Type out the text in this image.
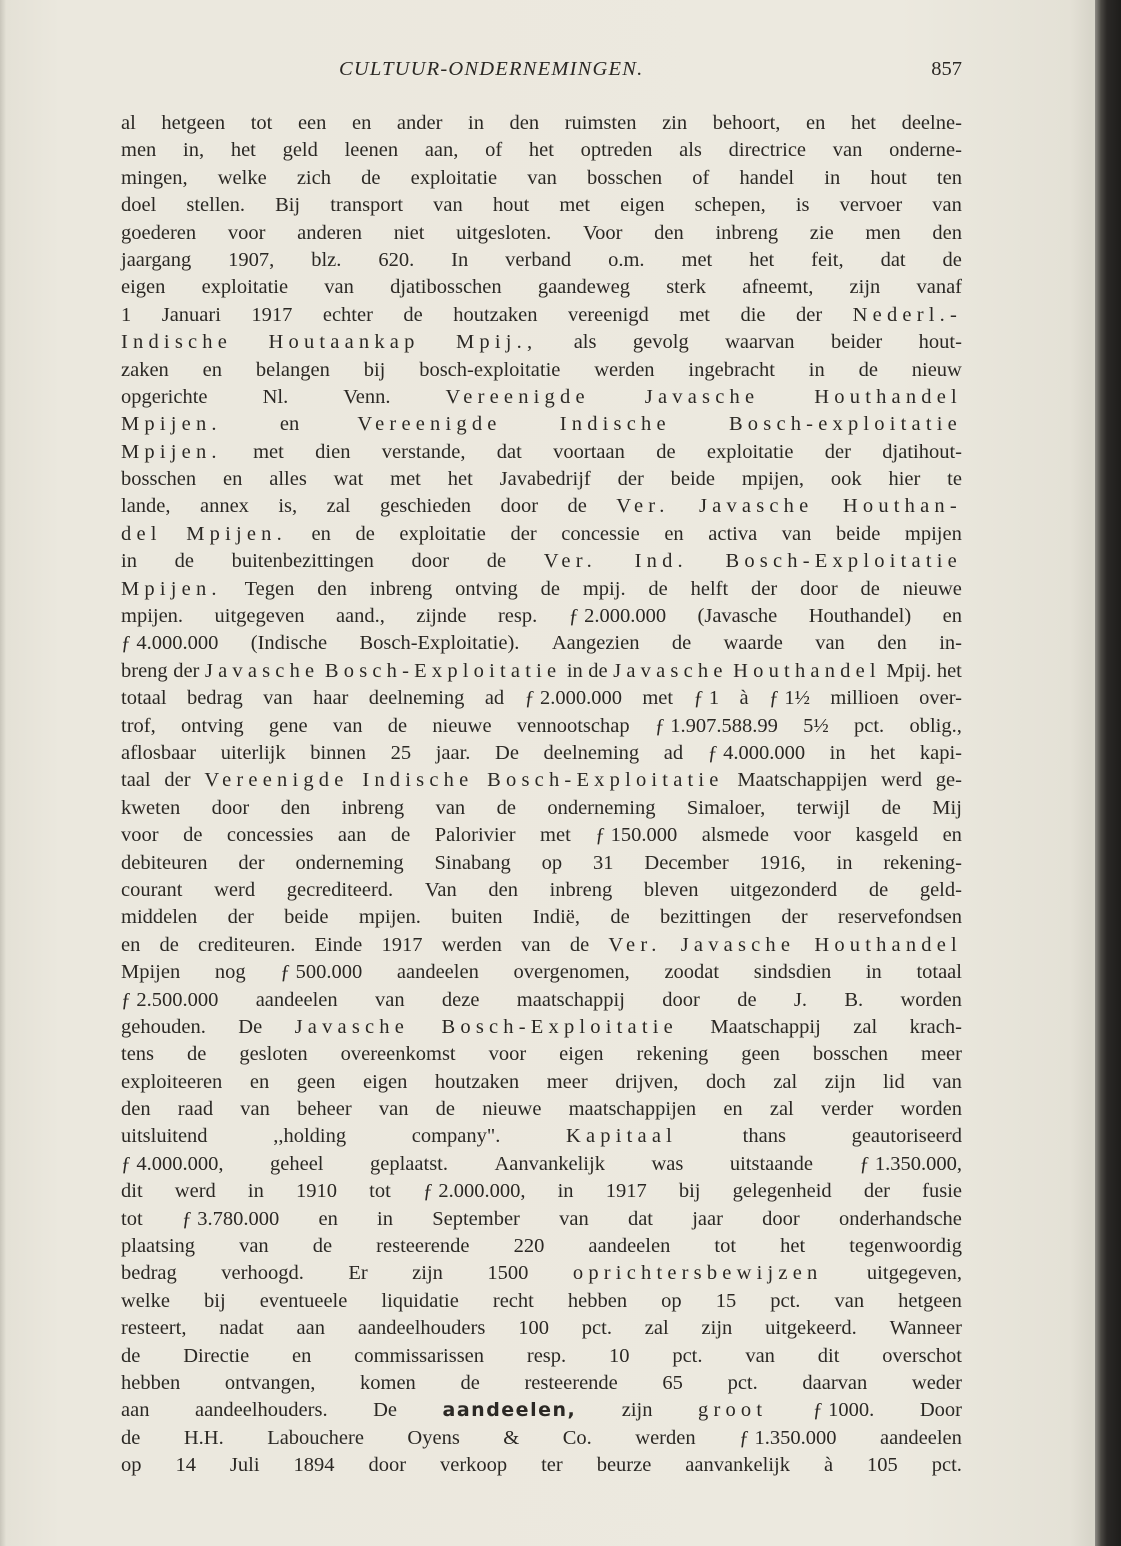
CULTUUR-ONDERNEMINGEN.	857
al hetgeen tot een en ander in den ruimsten zin behoort, en het deelne-
men in, het geld leenen aan, of het optreden als directrice van onderne-
mingen, welke zich de exploitatie van bosschen of handel in hout ten
doel stellen. Bij transport van hout met eigen schepen, is vervoer van
goederen voor anderen niet uitgesloten. Voor den inbreng zie men den
jaargang 1907, blz. 620. In verband o.m. met het feit, dat de
eigen exploitatie van djatibosschen gaandeweg sterk afneemt, zijn vanaf
1 Januari 1917 echter de houtzaken vereenigd met die der Nederl.-
Indische Houtaankap Mpij., als gevolg waarvan beider hout-
zaken en belangen bij bosch-exploitatie werden ingebracht in de nieuw
opgerichte	Nl.	Venn.	Vereenigde	Javasche	Houthandel
Mpijen.	en	Vereenigde	Indische	Bosch-exploitatie
Mpijen. met dien verstande, dat voortaan de exploitatie der djatihout-
bosschen en alles wat met het Javabedrijf der beide mpijen, ook hier te
lande, annex is, zal geschieden door de Ver. Javasche Houthan-
del Mpijen. en de exploitatie der concessie en activa van beide mpijen
in de buitenbezittingen door de Ver. Ind. Bosch-Exploitatie
Mpijen. Tegen den inbreng ontving de mpij. de helft der door de nieuwe
mpijen. uitgegeven aand., zijnde resp. ƒ 2.000.000 (Javasche Houthandel) en
ƒ 4.000.000 (Indische Bosch-Exploitatie). Aangezien de waarde van den in-
breng der Javasche Bosch-Exploitatie in de Javasche Houthandel Mpij. het
totaal bedrag van haar deelneming ad ƒ 2.000.000 met ƒ 1 à ƒ 1½ millioen over-
trof, ontving gene van de nieuwe vennootschap ƒ 1.907.588.99 5½ pct. oblig.,
aflosbaar uiterlijk binnen 25 jaar. De deelneming ad ƒ 4.000.000 in het kapi-
taal der Vereenigde Indische Bosch-Exploitatie Maatschappijen werd ge-
kweten door den inbreng van de onderneming Simaloer, terwijl de Mij
voor de concessies aan de Palorivier met ƒ 150.000 alsmede voor kasgeld en
debiteuren der onderneming Sinabang op 31 December 1916, in rekening-
courant werd gecrediteerd. Van den inbreng bleven uitgezonderd de geld-
middelen der beide mpijen. buiten Indië, de bezittingen der reservefondsen
en de crediteuren. Einde 1917 werden van de Ver. Javasche Houthandel
Mpijen nog ƒ 500.000 aandeelen overgenomen, zoodat sindsdien in totaal
ƒ 2.500.000 aandeelen van deze maatschappij door de J. B. worden
gehouden. De Javasche Bosch-Exploitatie Maatschappij zal krach-
tens de gesloten overeenkomst voor eigen rekening geen bosschen meer
exploiteeren en geen eigen houtzaken meer drijven, doch zal zijn lid van
den raad van beheer van de nieuwe maatschappijen en zal verder worden
uitsluitend	,,holding	company".	Kapitaal	thans	geautoriseerd
ƒ 4.000.000, geheel geplaatst. Aanvankelijk was uitstaande ƒ 1.350.000,
dit werd in 1910 tot ƒ 2.000.000, in 1917 bij gelegenheid der fusie
tot ƒ 3.780.000 en in September van dat jaar door onderhandsche
plaatsing van de resteerende 220 aandeelen tot het tegenwoordig
bedrag verhoogd. Er zijn 1500 oprichtersbewijzen uitgegeven,
welke bij eventueele liquidatie recht hebben op 15 pct. van hetgeen
resteert, nadat aan aandeelhouders 100 pct. zal zijn uitgekeerd. Wanneer
de Directie en commissarissen resp. 10 pct. van dit overschot
hebben ontvangen, komen de resteerende 65 pct. daarvan weder
aan aandeelhouders. De aandeelen, zijn groot ƒ 1000. Door
de H.H. Labouchere Oyens & Co. werden ƒ 1.350.000 aandeelen
op 14 Juli 1894 door verkoop ter beurze aanvankelijk à 105 pct.
